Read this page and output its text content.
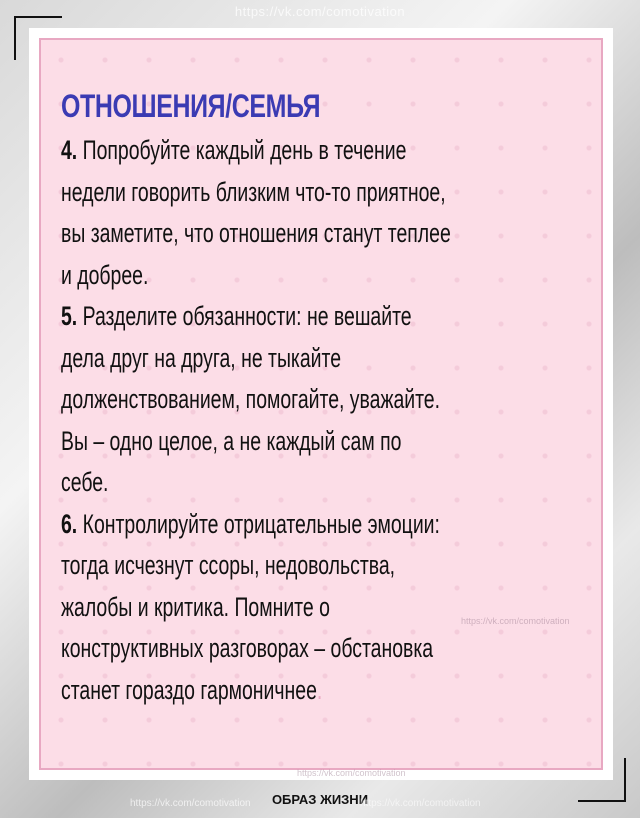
https://vk.com/comotivation
ОТНОШЕНИЯ/СЕМЬЯ
4. Попробуйте каждый день в течение
недели говорить близким что-то приятное,
вы заметите, что отношения станут теплее
и добрее.
5. Разделите обязанности: не вешайте
дела друг на друга, не тыкайте
долженствованием, помогайте, уважайте.
Вы – одно целое, а не каждый сам по
себе.
6. Контролируйте отрицательные эмоции:
тогда исчезнут ссоры, недовольства,
жалобы и критика. Помните о
конструктивных разговорах – обстановка
станет гораздо гармоничнее.
https://vk.com/comotivation
https://vk.com/comotivation
ОБРАЗ ЖИЗНИ
https://vk.com/comotivation	https://vk.com/comotivation
